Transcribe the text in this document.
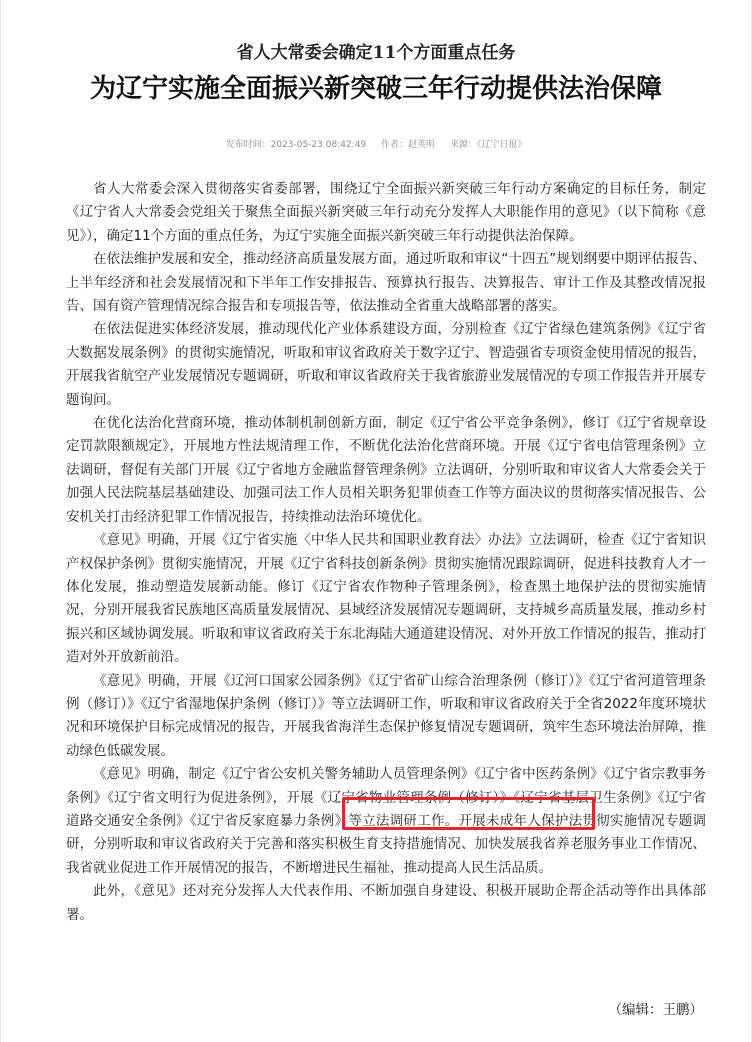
省人大常委会确定11个方面重点任务
为辽宁实施全面振兴新突破三年行动提供法治保障
发布时间：2023-05-23 08:42:49 作者：赵英明 来源：《辽宁日报》

省人大常委会深入贯彻落实省委部署，围绕辽宁全面振兴新突破三年行动方案确定的目标任务，制定《辽宁省人大常委会党组关于聚焦全面振兴新突破三年行动充分发挥人大职能作用的意见》（以下简称《意见》），确定11个方面的重点任务，为辽宁实施全面振兴新突破三年行动提供法治保障。

在依法维护发展和安全，推动经济高质量发展方面，通过听取和审议“十四五”规划纲要中期评估报告、上半年经济和社会发展情况和下半年工作安排报告、预算执行报告、决算报告、审计工作及其整改情况报告、国有资产管理情况综合报告和专项报告等，依法推动全省重大战略部署的落实。

在依法促进实体经济发展，推动现代化产业体系建设方面，分别检查《辽宁省绿色建筑条例》《辽宁省大数据发展条例》的贯彻实施情况，听取和审议省政府关于数字辽宁、智造强省专项资金使用情况的报告，开展我省航空产业发展情况专题调研，听取和审议省政府关于我省旅游业发展情况的专项工作报告并开展专题询问。

在优化法治化营商环境，推动体制机制创新方面，制定《辽宁省公平竞争条例》，修订《辽宁省规章设定罚款限额规定》，开展地方性法规清理工作，不断优化法治化营商环境。开展《辽宁省电信管理条例》立法调研，督促有关部门开展《辽宁省地方金融监督管理条例》立法调研，分别听取和审议省人大常委会关于加强人民法院基层基础建设、加强司法工作人员相关职务犯罪侦查工作等方面决议的贯彻落实情况报告、公安机关打击经济犯罪工作情况报告，持续推动法治环境优化。

《意见》明确，开展《辽宁省实施〈中华人民共和国职业教育法〉办法》立法调研，检查《辽宁省知识产权保护条例》贯彻实施情况，开展《辽宁省科技创新条例》贯彻实施情况跟踪调研，促进科技教育人才一体化发展，推动塑造发展新动能。修订《辽宁省农作物种子管理条例》，检查黑土地保护法的贯彻实施情况，分别开展我省民族地区高质量发展情况、县域经济发展情况专题调研，支持城乡高质量发展，推动乡村振兴和区域协调发展。听取和审议省政府关于东北海陆大通道建设情况、对外开放工作情况的报告，推动打造对外开放新前沿。

《意见》明确，开展《辽河口国家公园条例》《辽宁省矿山综合治理条例（修订）》《辽宁省河道管理条例（修订）》《辽宁省湿地保护条例（修订）》等立法调研工作，听取和审议省政府关于全省2022年度环境状况和环境保护目标完成情况的报告，开展我省海洋生态保护修复情况专题调研，筑牢生态环境法治屏障，推动绿色低碳发展。

《意见》明确，制定《辽宁省公安机关警务辅助人员管理条例》《辽宁省中医药条例》《辽宁省宗教事务条例》《辽宁省文明行为促进条例》，开展《辽宁省物业管理条例（修订）》《辽宁省基层卫生条例》《辽宁省道路交通安全条例》《辽宁省反家庭暴力条例》等立法调研工作。开展未成年人保护法贯彻实施情况专题调研，分别听取和审议省政府关于完善和落实积极生育支持措施情况、加快发展我省养老服务事业工作情况、我省就业促进工作开展情况的报告，不断增进民生福祉，推动提高人民生活品质。

此外，《意见》还对充分发挥人大代表作用、不断加强自身建设、积极开展助企帮企活动等作出具体部署。

（编辑：王鹏）
